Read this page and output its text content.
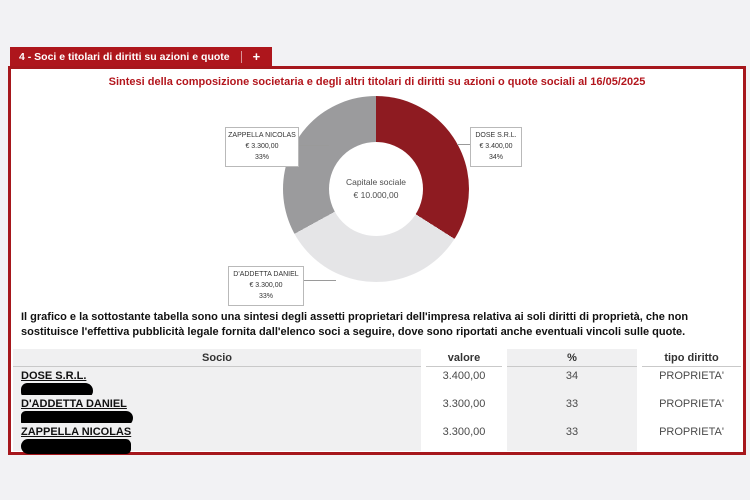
4 - Soci e titolari di diritti su azioni e quote +
Sintesi della composizione societaria e degli altri titolari di diritti su azioni o quote sociali al 16/05/2025
Capitale sociale
€ 10.000,00
ZAPPELLA NICOLAS
€ 3.300,00
33%
DOSE S.R.L.
€ 3.400,00
34%
D'ADDETTA DANIEL
€ 3.300,00
33%
Il grafico e la sottostante tabella sono una sintesi degli assetti proprietari dell'impresa relativa ai soli diritti di proprietà, che non sostituisce l'effettiva pubblicità legale fornita dall'elenco soci a seguire, dove sono riportati anche eventuali vincoli sulle quote.
Socio	valore	%	tipo diritto
DOSE S.R.L.	3.400,00	34	PROPRIETA'
D'ADDETTA DANIEL	3.300,00	33	PROPRIETA'
ZAPPELLA NICOLAS	3.300,00	33	PROPRIETA'
